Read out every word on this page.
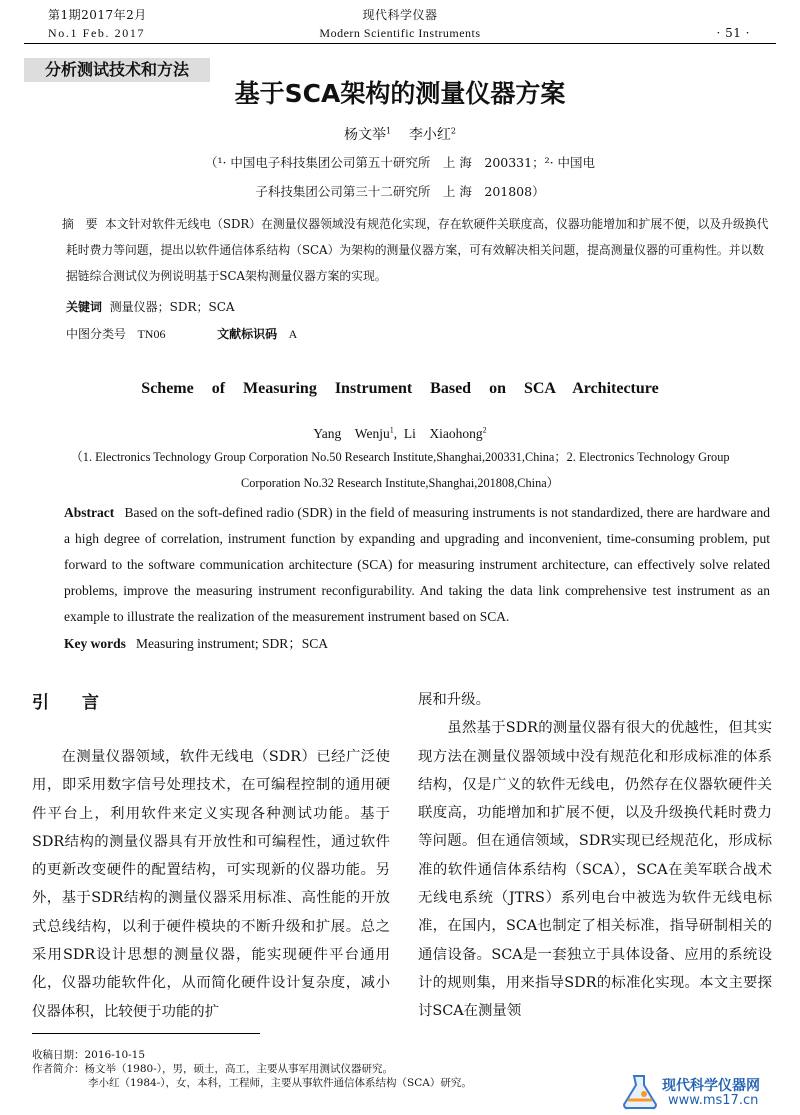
第1期2017年2月
No.1 Feb. 2017
现代科学仪器
Modern Scientific Instruments	· 51 ·
分析测试技术和方法
基于SCA架构的测量仪器方案
杨文举$^1$ 李小红$^2$
（¹· 中国电子科技集团公司第五十研究所　上 海　200331；²· 中国电
子科技集团公司第三十二研究所　上 海　201808）
摘　要 本文针对软件无线电（SDR）在测量仪器领域没有规范化实现，存在软硬件关联度高，仪器功能增加和扩展不便，以及升级换代耗时费力等问题，提出以软件通信体系结构（SCA）为架构的测量仪器方案，可有效解决相关问题，提高测量仪器的可重构性。并以数据链综合测试仪为例说明基于SCA架构测量仪器方案的实现。
关键词 测量仪器；SDR；SCA
中图分类号 TN06	文献标识码 A
Scheme of Measuring Instrument Based on SCA Architecture
Yang　Wenju$^1$,  Li　Xiaohong$^2$
（1. Electronics Technology Group Corporation No.50 Research Institute,Shanghai,200331,China；2. Electronics Technology Group
Corporation No.32 Research Institute,Shanghai,201808,China）
Abstract Based on the soft-defined radio (SDR) in the field of measuring instruments is not standardized, there are hardware and a high degree of correlation, instrument function by expanding and upgrading and inconvenient, time-consuming problem, put forward to the software communication architecture (SCA) for measuring instrument architecture, can effectively solve related problems, improve the measuring instrument reconfigurability. And taking the data link comprehensive test instrument as an example to illustrate the realization of the measurement instrument based on SCA.
Key words Measuring instrument; SDR；SCA
引　言
在测量仪器领域，软件无线电（SDR）已经广泛使用，即采用数字信号处理技术，在可编程控制的通用硬件平台上，利用软件来定义实现各种测试功能。基于SDR结构的测量仪器具有开放性和可编程性，通过软件的更新改变硬件的配置结构，可实现新的仪器功能。另外，基于SDR结构的测量仪器采用标准、高性能的开放式总线结构，以利于硬件模块的不断升级和扩展。总之采用SDR设计思想的测量仪器，能实现硬件平台通用化，仪器功能软件化，从而简化硬件设计复杂度，减小仪器体积，比较便于功能的扩
展和升级。
虽然基于SDR的测量仪器有很大的优越性，但其实现方法在测量仪器领域中没有规范化和形成标准的体系结构，仅是广义的软件无线电，仍然存在仪器软硬件关联度高，功能增加和扩展不便，以及升级换代耗时费力等问题。但在通信领域，SDR实现已经规范化，形成标准的软件通信体系结构（SCA），SCA在美军联合战术无线电系统（JTRS）系列电台中被选为软件无线电标准，在国内，SCA也制定了相关标准，指导研制相关的通信设备。SCA是一套独立于具体设备、应用的系统设计的规则集，用来指导SDR的标准化实现。本文主要探讨SCA在测量领
收稿日期：2016-10-15
作者简介：杨文举（1980-），男，硕士，高工，主要从事军用测试仪器研究。
李小红（1984-），女，本科，工程师，主要从事软件通信体系结构（SCA）研究。	现代科学仪器网
www.ms17.cn
